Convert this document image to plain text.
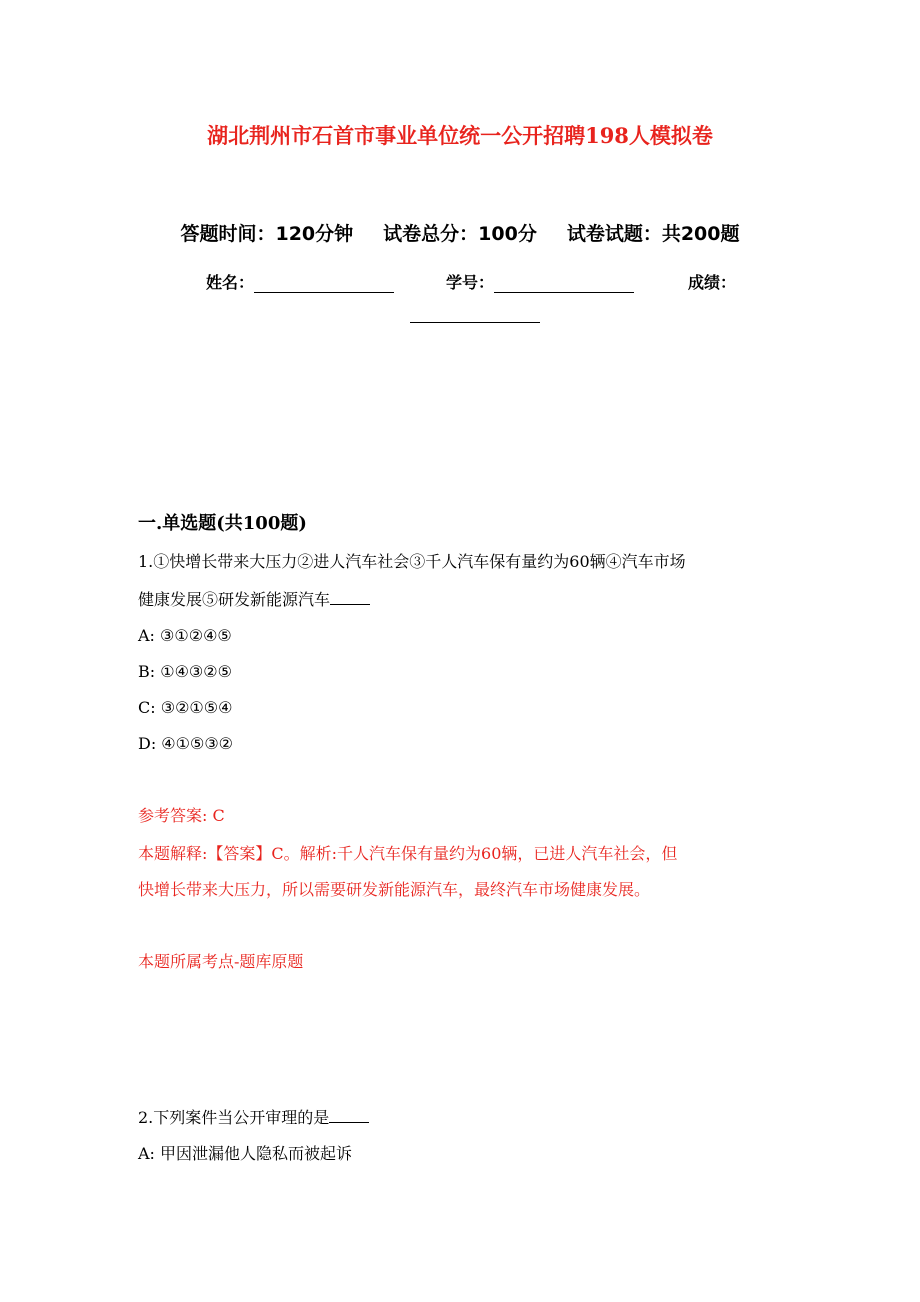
湖北荆州市石首市事业单位统一公开招聘198人模拟卷
答题时间：120分钟 试卷总分：100分 试卷试题：共200题
姓名：	学号：	成绩：
一.单选题(共100题)
1.①快增长带来大压力②进人汽车社会③千人汽车保有量约为60辆④汽车市场
健康发展⑤研发新能源汽车
A: ③①②④⑤
B: ①④③②⑤
C: ③②①⑤④
D: ④①⑤③②
参考答案: C
本题解释:【答案】C。解析:千人汽车保有量约为60辆，已进人汽车社会，但
快增长带来大压力，所以需要研发新能源汽车，最终汽车市场健康发展。
本题所属考点-题库原题
2.下列案件当公开审理的是
A: 甲因泄漏他人隐私而被起诉
